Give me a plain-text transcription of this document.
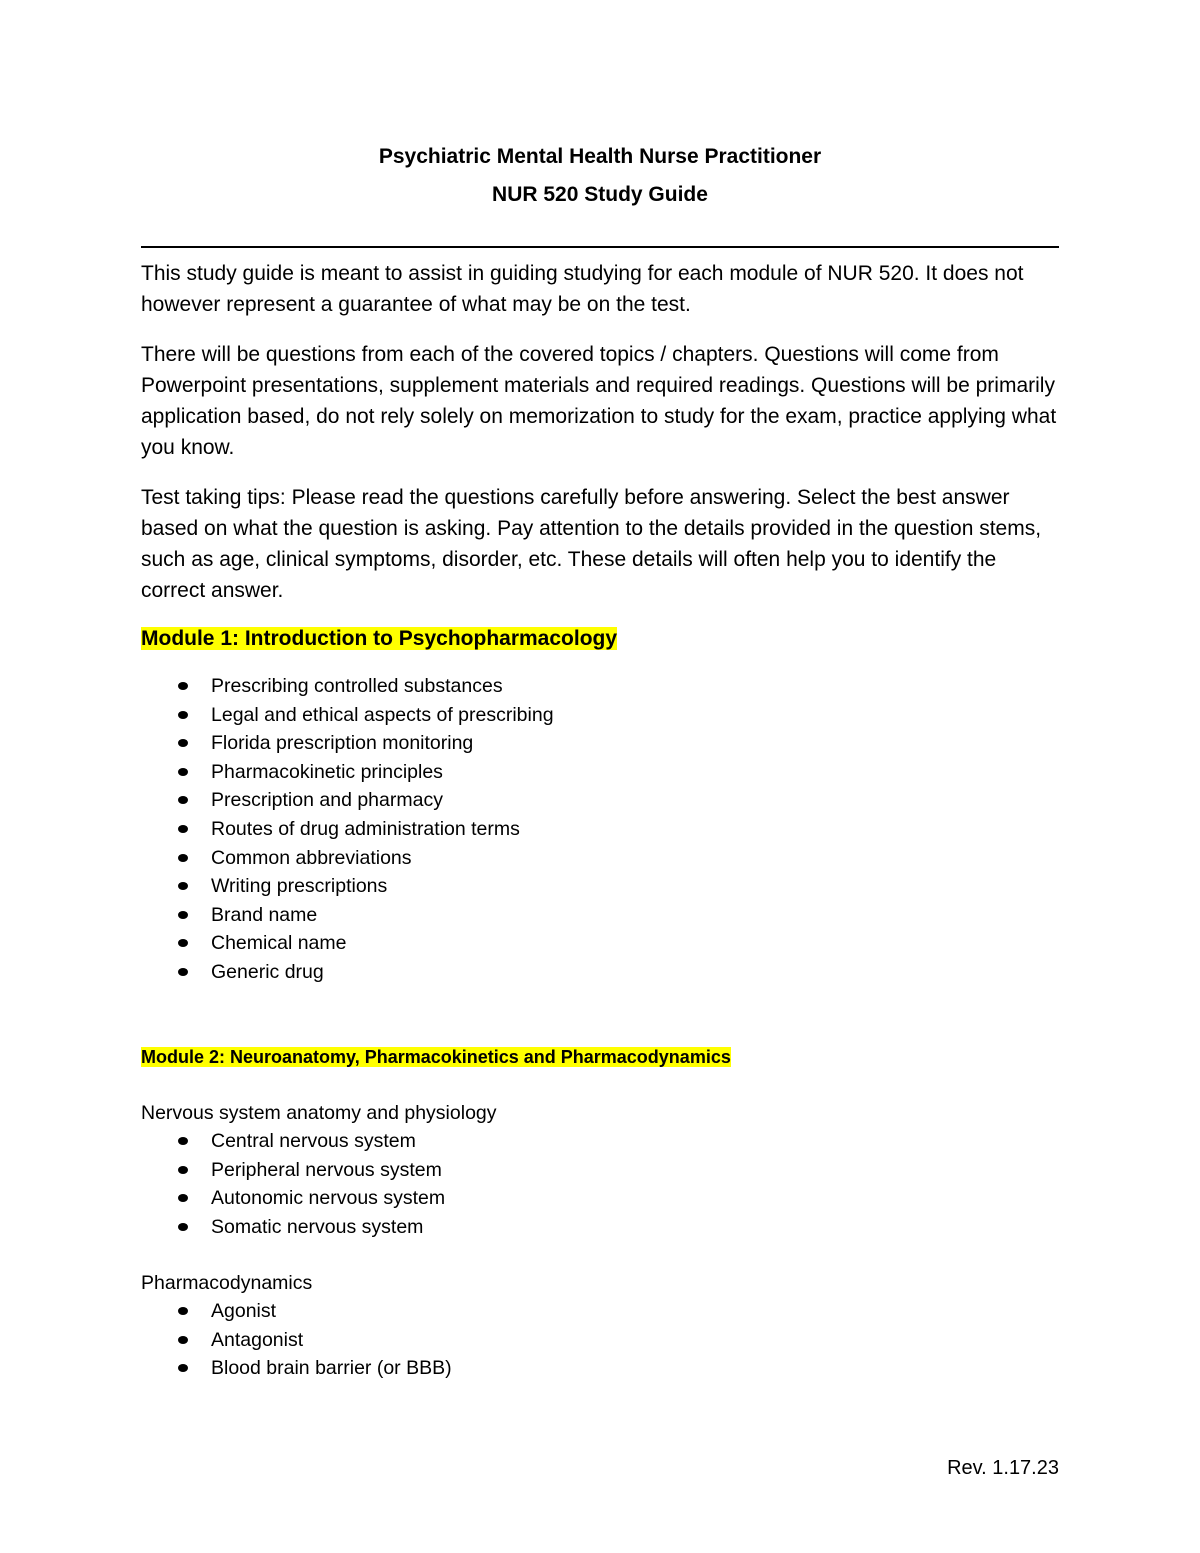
Psychiatric Mental Health Nurse Practitioner

NUR 520 Study Guide

This study guide is meant to assist in guiding studying for each module of NUR 520. It does not however represent a guarantee of what may be on the test.

There will be questions from each of the covered topics / chapters. Questions will come from Powerpoint presentations, supplement materials and required readings. Questions will be primarily application based, do not rely solely on memorization to study for the exam, practice applying what you know.

Test taking tips: Please read the questions carefully before answering. Select the best answer based on what the question is asking. Pay attention to the details provided in the question stems, such as age, clinical symptoms, disorder, etc. These details will often help you to identify the correct answer.

Module 1: Introduction to Psychopharmacology

Prescribing controlled substances
Legal and ethical aspects of prescribing
Florida prescription monitoring
Pharmacokinetic principles
Prescription and pharmacy
Routes of drug administration terms
Common abbreviations
Writing prescriptions
Brand name
Chemical name
Generic drug

Module 2: Neuroanatomy, Pharmacokinetics and Pharmacodynamics

Nervous system anatomy and physiology

Central nervous system
Peripheral nervous system
Autonomic nervous system
Somatic nervous system

Pharmacodynamics

Agonist
Antagonist
Blood brain barrier (or BBB)
Rev. 1.17.23
